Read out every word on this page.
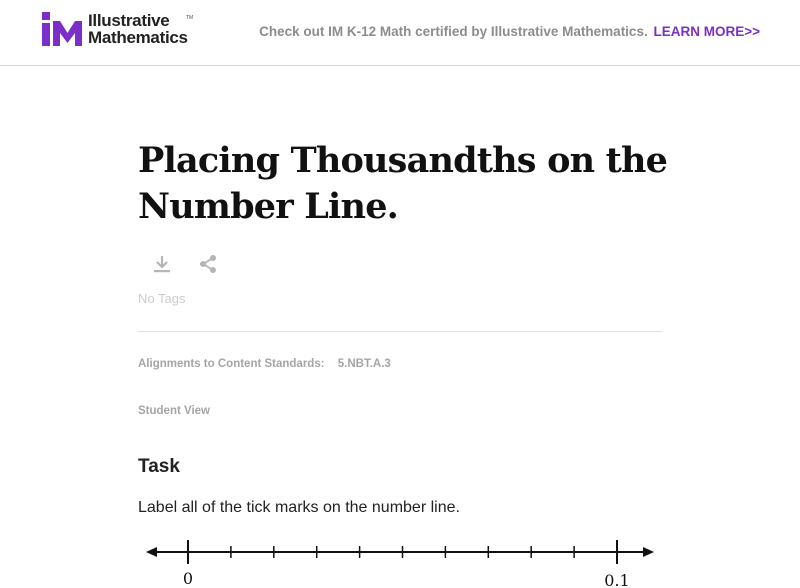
Illustrative
Mathematics
TM
Check out IM K-12 Math certified by Illustrative Mathematics. LEARN MORE>>
Placing Thousandths on the Number Line.
No Tags
Alignments to Content Standards: 5.NBT.A.3
Student View
Task

Label all of the tick marks on the number line.

0	0.1
